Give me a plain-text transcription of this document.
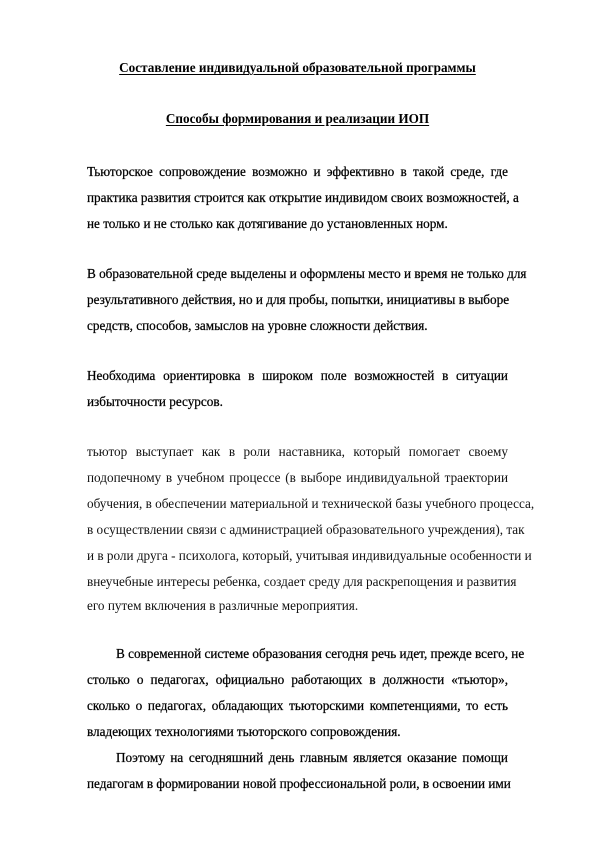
Составление индивидуальной образовательной программы
Способы формирования и реализации ИОП
Тьюторское сопровождение возможно и эффективно в такой среде, где
практика развития строится как открытие индивидом своих возможностей, а
не только и не столько как дотягивание до установленных норм.
В образовательной среде выделены и оформлены место и время не только для
результативного действия, но и для пробы, попытки, инициативы в выборе
средств, способов, замыслов на уровне сложности действия.
Необходима ориентировка в широком поле возможностей в ситуации
избыточности ресурсов.
тьютор выступает как в роли наставника, который помогает своему
подопечному в учебном процессе (в выборе индивидуальной траектории
обучения, в обеспечении материальной и технической базы учебного процесса,
в осуществлении связи с администрацией образовательного учреждения), так
и в роли друга - психолога, который, учитывая индивидуальные особенности и
внеучебные интересы ребенка, создает среду для раскрепощения и развития
его путем включения в различные мероприятия.
В современной системе образования сегодня речь идет, прежде всего, не
столько о педагогах, официально работающих в должности «тьютор»,
сколько о педагогах, обладающих тьюторскими компетенциями, то есть
владеющих технологиями тьюторского сопровождения.
Поэтому на сегодняшний день главным является оказание помощи
педагогам в формировании новой профессиональной роли, в освоении ими
